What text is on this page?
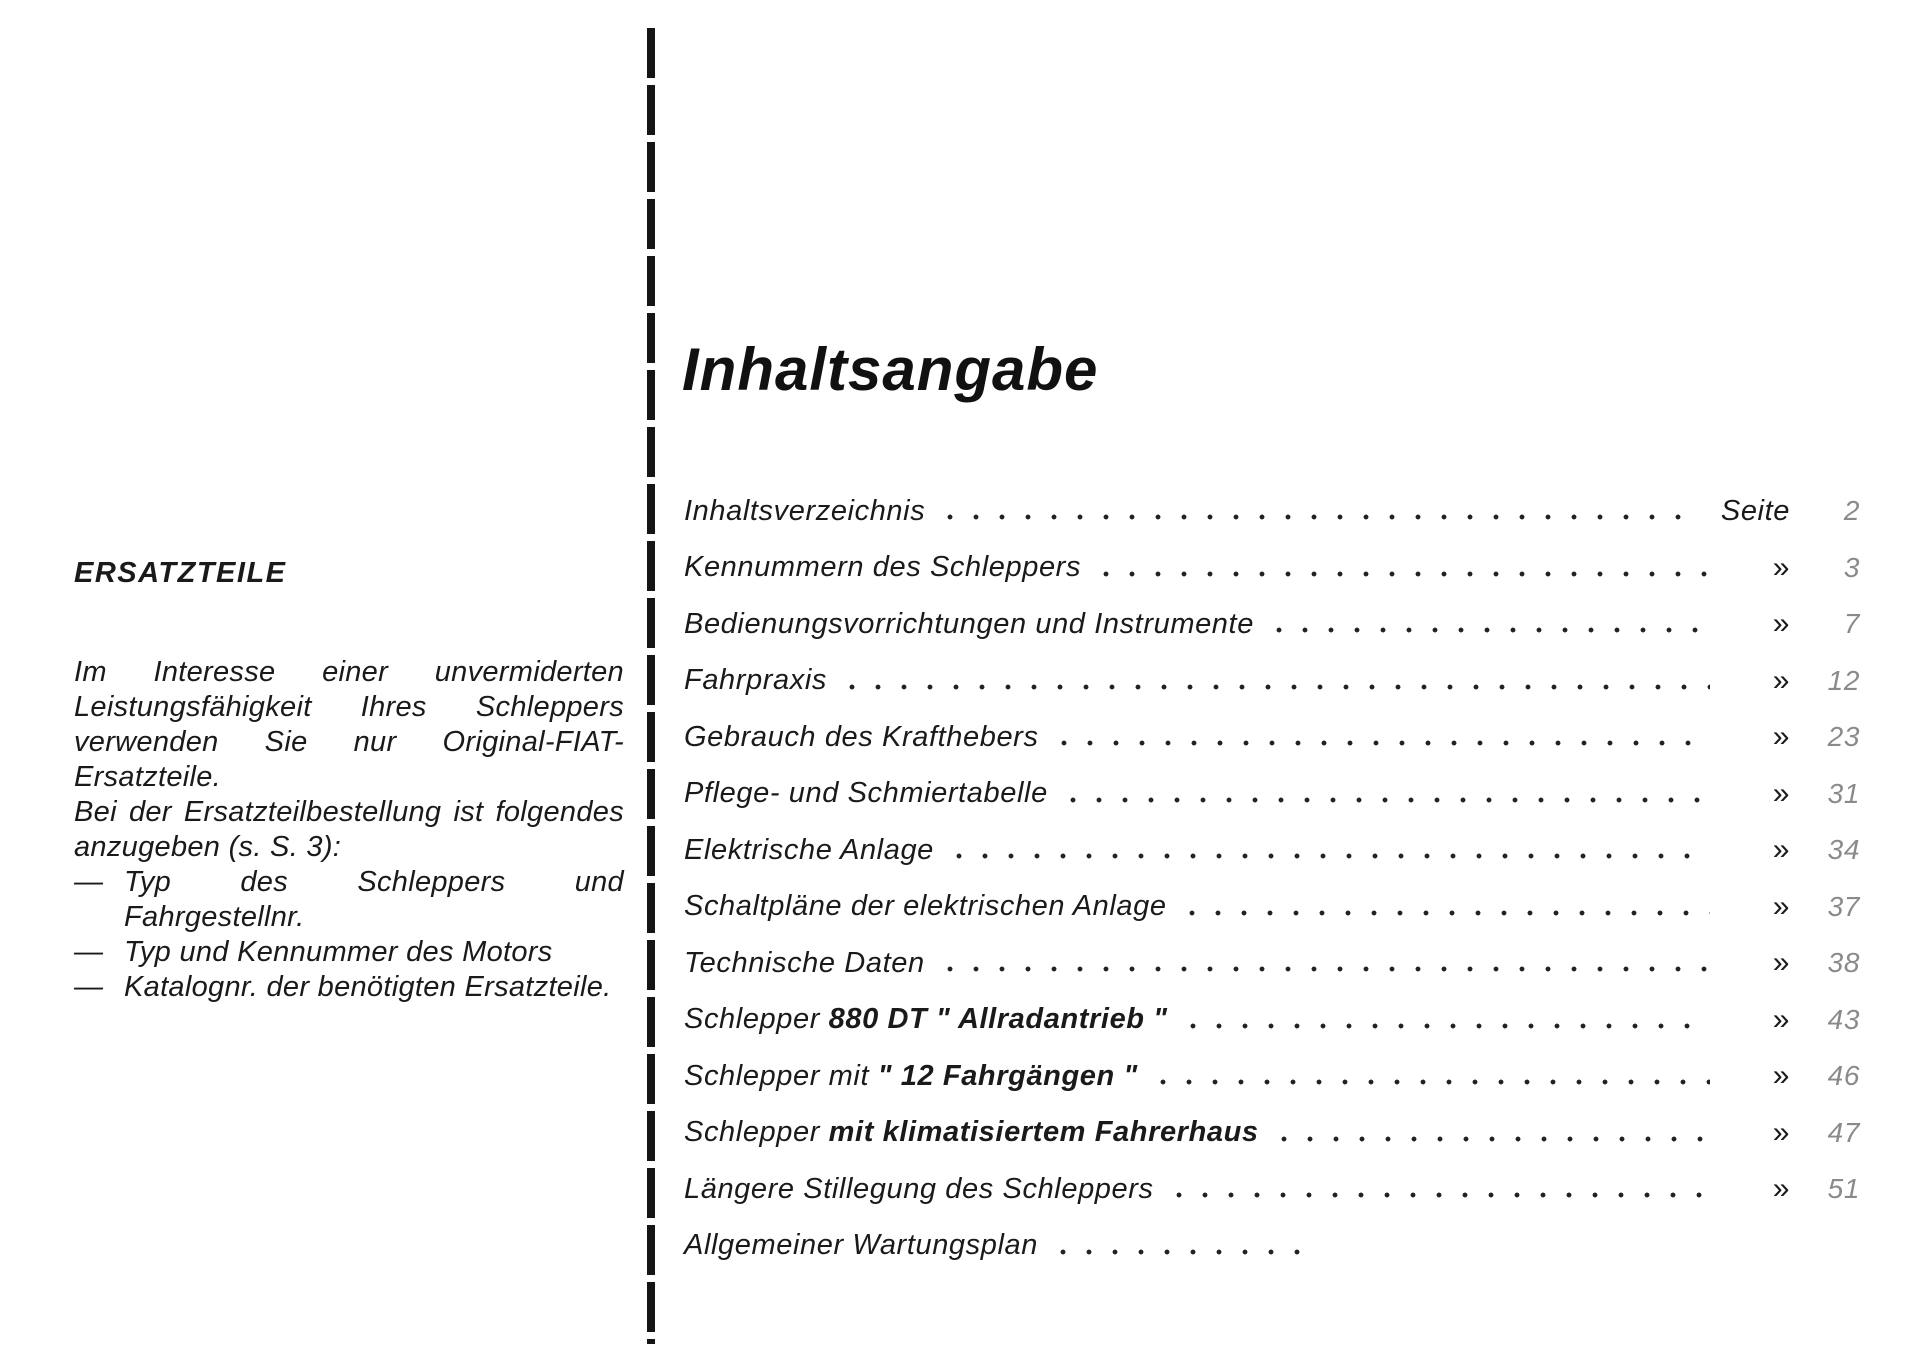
ERSATZTEILE

Im Interesse einer unvermiderten Leistungsfähigkeit Ihres Schleppers verwenden Sie nur Original-FIAT-Ersatzteile.

Bei der Ersatzteilbestellung ist folgendes anzugeben (s. S. 3):

— Typ des Schleppers und Fahrgestellnr.
— Typ und Kennummer des Motors
— Katalognr. der benötigten Ersatzteile.
Inhaltsangabe
Inhaltsverzeichnis	Seite	2
Kennummern des Schleppers	»	3
Bedienungsvorrichtungen und Instrumente	»	7
Fahrpraxis	»	12
Gebrauch des Krafthebers	»	23
Pflege- und Schmiertabelle	»	31
Elektrische Anlage	»	34
Schaltpläne der elektrischen Anlage	»	37
Technische Daten	»	38
Schlepper 880 DT " Allradantrieb "	»	43
Schlepper mit " 12 Fahrgängen "	»	46
Schlepper mit klimatisiertem Fahrerhaus	»	47
Längere Stillegung des Schleppers	»	51
Allgemeiner Wartungsplan
